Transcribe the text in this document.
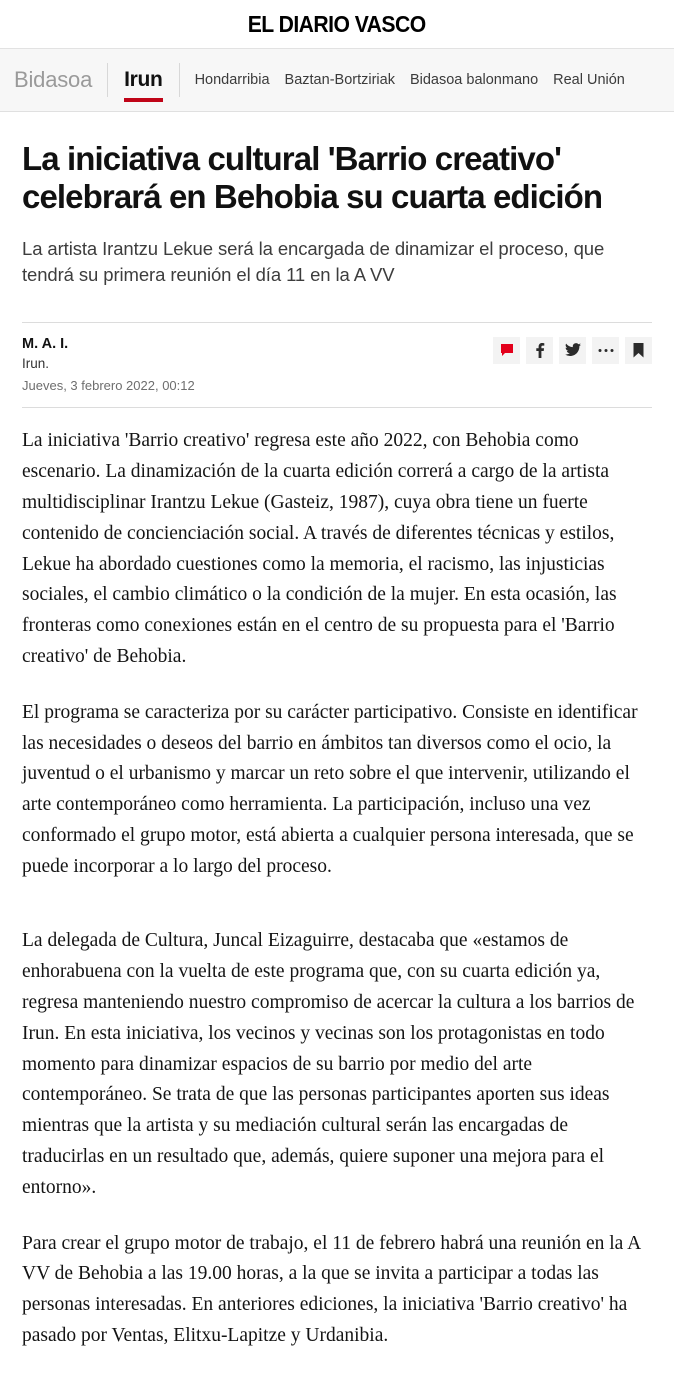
EL DIARIO VASCO
Bidasoa	Irun Hondarribia Baztan-Bortziriak Bidasoa balonmano Real Unión
La iniciativa cultural 'Barrio creativo' celebrará en Behobia su cuarta edición

La artista Irantzu Lekue será la encargada de dinamizar el proceso, que tendrá su primera reunión el día 11 en la A VV

M. A. I.
Irun.
Jueves, 3 febrero 2022, 00:12

La iniciativa 'Barrio creativo' regresa este año 2022, con Behobia como escenario. La dinamización de la cuarta edición correrá a cargo de la artista multidisciplinar Irantzu Lekue (Gasteiz, 1987), cuya obra tiene un fuerte contenido de concienciación social. A través de diferentes técnicas y estilos, Lekue ha abordado cuestiones como la memoria, el racismo, las injusticias sociales, el cambio climático o la condición de la mujer. En esta ocasión, las fronteras como conexiones están en el centro de su propuesta para el 'Barrio creativo' de Behobia.

El programa se caracteriza por su carácter participativo. Consiste en identificar las necesidades o deseos del barrio en ámbitos tan diversos como el ocio, la juventud o el urbanismo y marcar un reto sobre el que intervenir, utilizando el arte contemporáneo como herramienta. La participación, incluso una vez conformado el grupo motor, está abierta a cualquier persona interesada, que se puede incorporar a lo largo del proceso.

La delegada de Cultura, Juncal Eizaguirre, destacaba que «estamos de enhorabuena con la vuelta de este programa que, con su cuarta edición ya, regresa manteniendo nuestro compromiso de acercar la cultura a los barrios de Irun. En esta iniciativa, los vecinos y vecinas son los protagonistas en todo momento para dinamizar espacios de su barrio por medio del arte contemporáneo. Se trata de que las personas participantes aporten sus ideas mientras que la artista y su mediación cultural serán las encargadas de traducirlas en un resultado que, además, quiere suponer una mejora para el entorno».

Para crear el grupo motor de trabajo, el 11 de febrero habrá una reunión en la A VV de Behobia a las 19.00 horas, a la que se invita a participar a todas las personas interesadas. En anteriores ediciones, la iniciativa 'Barrio creativo' ha pasado por Ventas, Elitxu-Lapitze y Urdanibia.
